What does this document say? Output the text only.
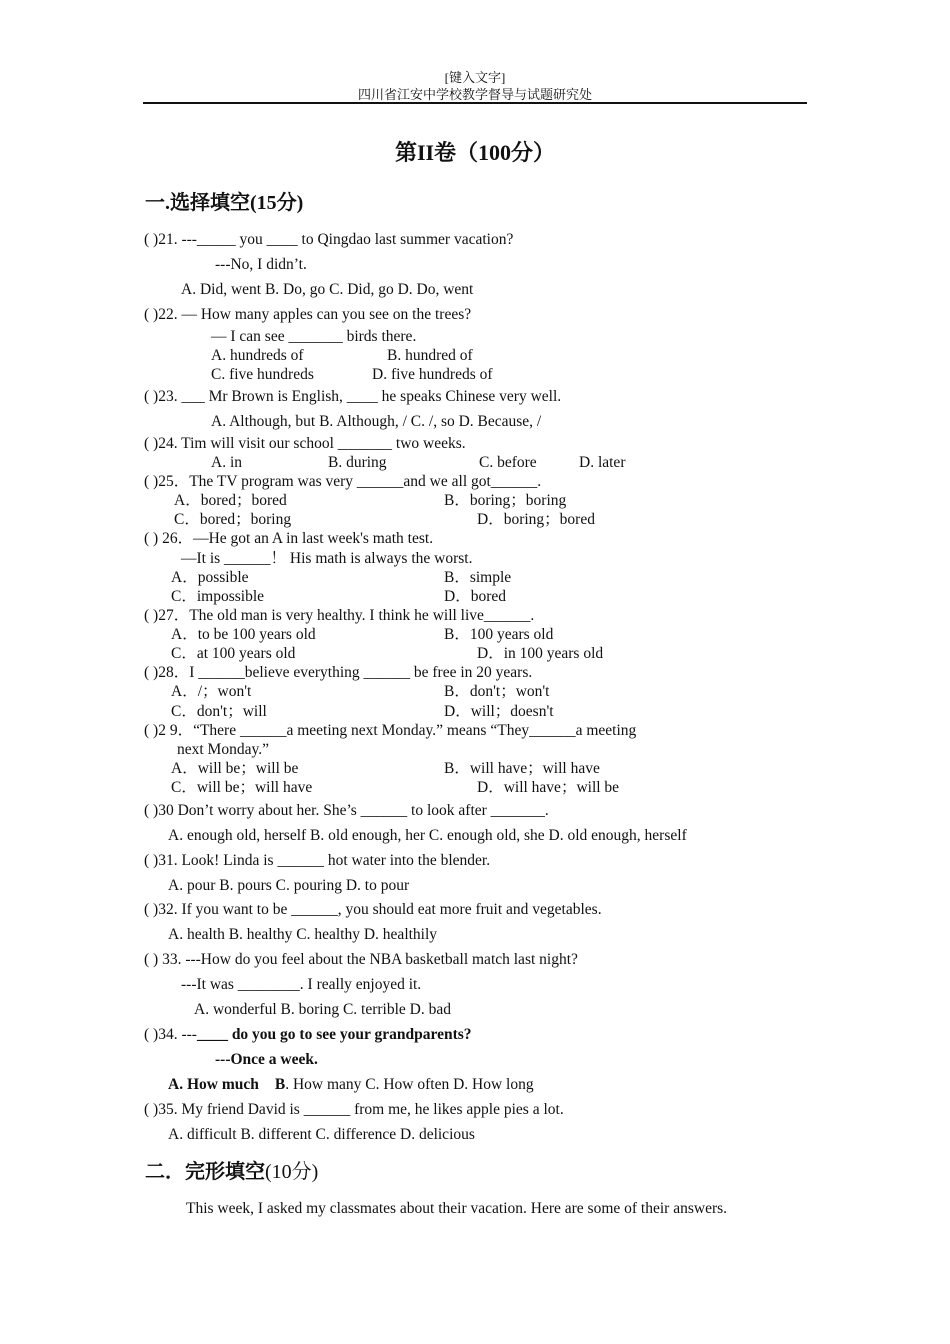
[键入文字]
四川省江安中学校教学督导与试题研究处
第II卷（100分）
一.选择填空(15分)
( )21. ---_____ you ____ to Qingdao last summer vacation?
---No, I didn’t.
A. Did, went B. Do, go C. Did, go D. Do, went
( )22. — How many apples can you see on the trees?
— I can see _______ birds there.
A. hundreds of	B. hundred of
C. five hundreds	D. five hundreds of
( )23. ___ Mr Brown is English, ____ he speaks Chinese very well.
A. Although, but B. Although, / C. /, so D. Because, /
( )24. Tim will visit our school _______ two weeks.
A. in	B. during	C. before	D. later
( )25．The TV program was very ______and we all got______.
A．bored；bored	B．boring；boring
C．bored；boring	D．boring；bored
( ) 26．—He got an A in last week's math test.
—It is ______！ His math is always the worst.
A．possible	B．simple
C．impossible	D．bored
( )27．The old man is very healthy. I think he will live______.
A．to be 100 years old	B．100 years old
C．at 100 years old	D．in 100 years old
( )28．I ______believe everything ______ be free in 20 years.
A．/；won't	B．don't；won't
C．don't；will	D．will；doesn't
( )2 9．“There ______a meeting next Monday.” means “They______a meeting
next Monday.”
A．will be；will be	B．will have；will have
C．will be；will have	D．will have；will be
( )30 Don’t worry about her. She’s ______ to look after _______.
A. enough old, herself B. old enough, her C. enough old, she D. old enough, herself
( )31. Look! Linda is ______ hot water into the blender.
A. pour B. pours C. pouring D. to pour
( )32. If you want to be ______, you should eat more fruit and vegetables.
A. health B. healthy C. healthy D. healthily
( ) 33. ---How do you feel about the NBA basketball match last night?
---It was ________. I really enjoyed it.
A. wonderful B. boring C. terrible D. bad
( )34. ---____ do you go to see your grandparents?
---Once a week.
A. How much B. How many C. How often D. How long
( )35. My friend David is ______ from me, he likes apple pies a lot.
A. difficult B. different C. difference D. delicious
二．完形填空(10分)
This week, I asked my classmates about their vacation. Here are some of their answers.
